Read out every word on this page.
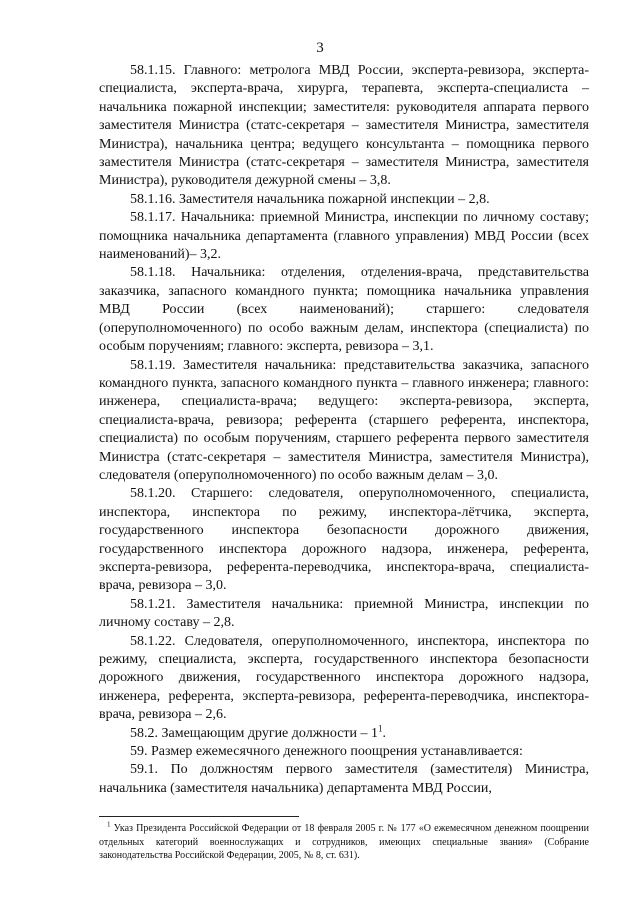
3

58.1.15. Главного: метролога МВД России, эксперта-ревизора, эксперта-специалиста, эксперта-врача, хирурга, терапевта, эксперта-специалиста – начальника пожарной инспекции; заместителя: руководителя аппарата первого заместителя Министра (статс-секретаря – заместителя Министра, заместителя Министра), начальника центра; ведущего консультанта – помощника первого заместителя Министра (статс-секретаря – заместителя Министра, заместителя Министра), руководителя дежурной смены – 3,8.

58.1.16. Заместителя начальника пожарной инспекции – 2,8.

58.1.17. Начальника: приемной Министра, инспекции по личному составу; помощника начальника департамента (главного управления) МВД России (всех наименований)– 3,2.

58.1.18. Начальника: отделения, отделения-врача, представительства заказчика, запасного командного пункта; помощника начальника управления МВД России (всех наименований); старшего: следователя (оперуполномоченного) по особо важным делам, инспектора (специалиста) по особым поручениям; главного: эксперта, ревизора – 3,1.

58.1.19. Заместителя начальника: представительства заказчика, запасного командного пункта, запасного командного пункта – главного инженера; главного: инженера, специалиста-врача; ведущего: эксперта-ревизора, эксперта, специалиста-врача, ревизора; референта (старшего референта, инспектора, специалиста) по особым поручениям, старшего референта первого заместителя Министра (статс-секретаря – заместителя Министра, заместителя Министра), следователя (оперуполномоченного) по особо важным делам – 3,0.

58.1.20. Старшего: следователя, оперуполномоченного, специалиста, инспектора, инспектора по режиму, инспектора-лётчика, эксперта, государственного инспектора безопасности дорожного движения, государственного инспектора дорожного надзора, инженера, референта, эксперта-ревизора, референта-переводчика, инспектора-врача, специалиста-врача, ревизора – 3,0.

58.1.21. Заместителя начальника: приемной Министра, инспекции по личному составу – 2,8.

58.1.22. Следователя, оперуполномоченного, инспектора, инспектора по режиму, специалиста, эксперта, государственного инспектора безопасности дорожного движения, государственного инспектора дорожного надзора, инженера, референта, эксперта-ревизора, референта-переводчика, инспектора-врача, ревизора – 2,6.

58.2. Замещающим другие должности – $1^1$.

59. Размер ежемесячного денежного поощрения устанавливается:

59.1. По должностям первого заместителя (заместителя) Министра, начальника (заместителя начальника) департамента МВД России,

$^1$ Указ Президента Российской Федерации от 18 февраля 2005 г. № 177 «О ежемесячном денежном поощрении отдельных категорий военнослужащих и сотрудников, имеющих специальные звания» (Собрание законодательства Российской Федерации, 2005, № 8, ст. 631).
